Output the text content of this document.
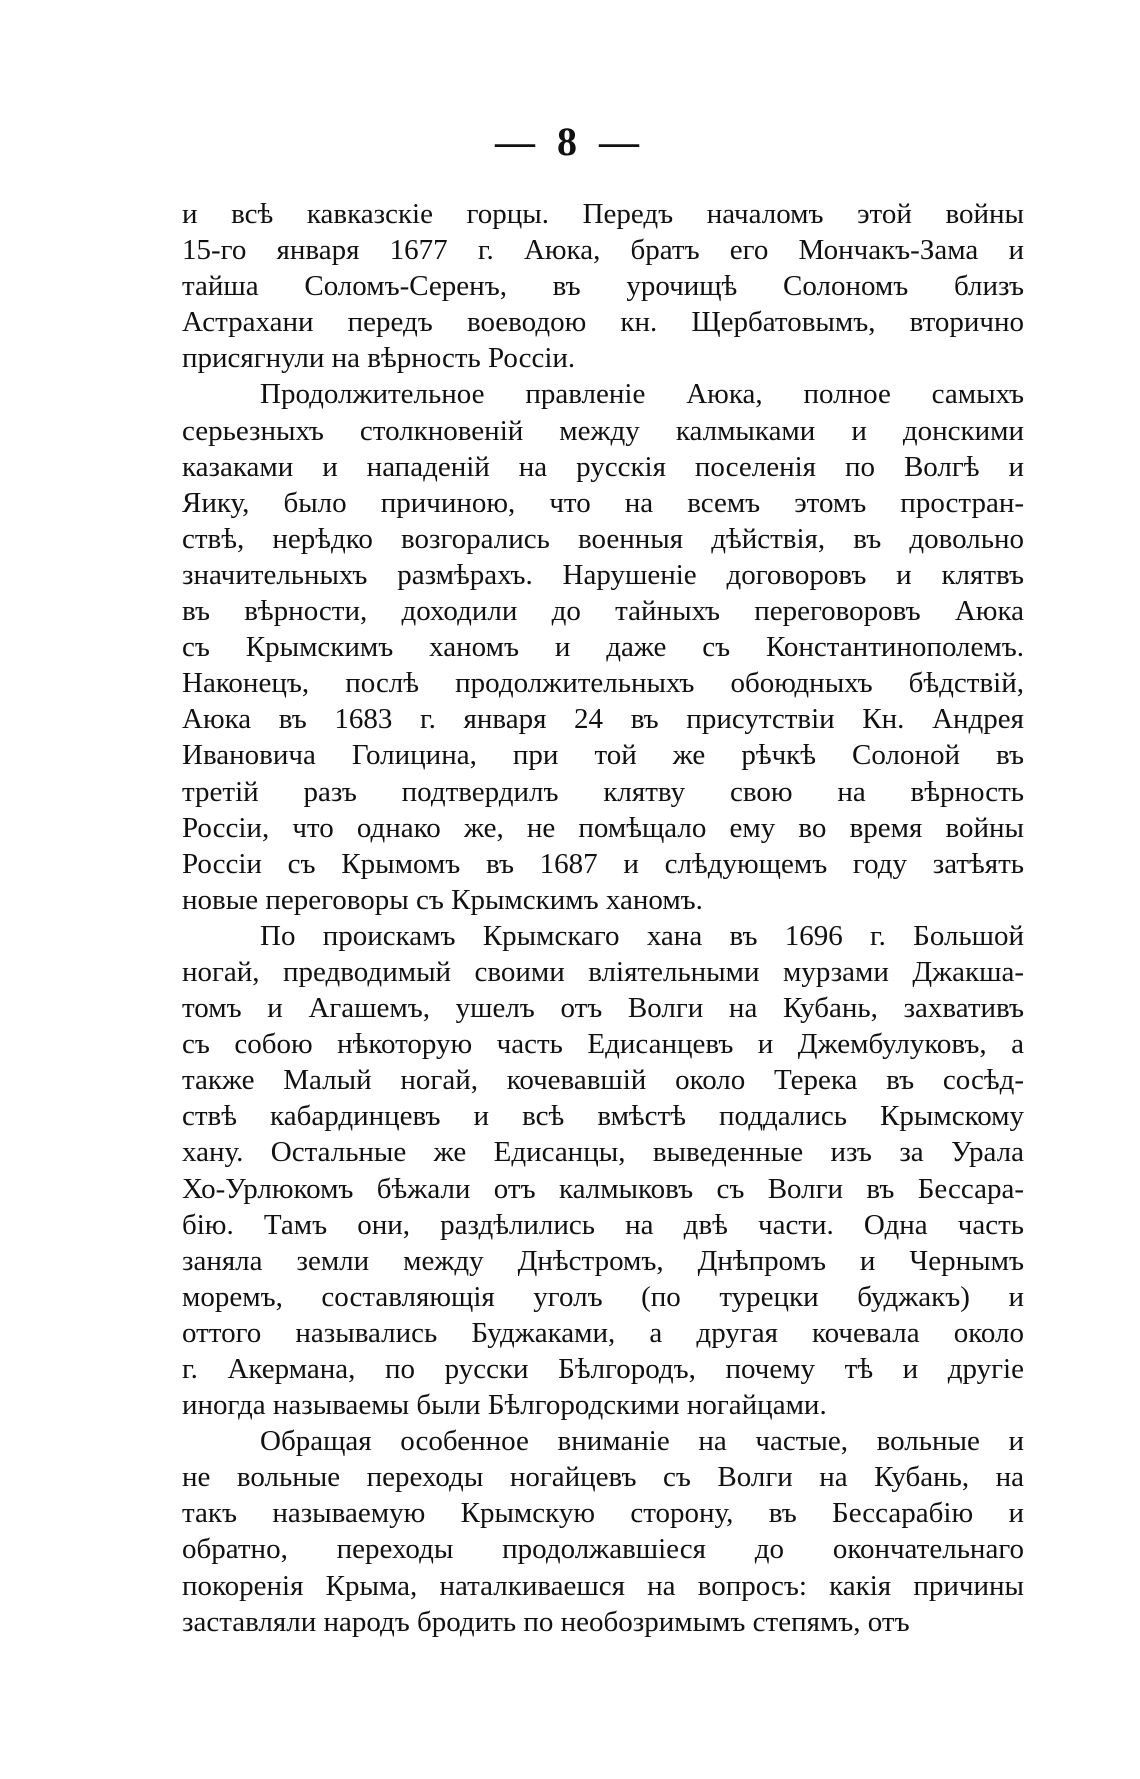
— 8 —
и всѣ кавказскіе горцы. Передъ началомъ этой войны
15-го января 1677 г. Аюка, братъ его Мончакъ-Зама и
тайша Соломъ-Серенъ, въ урочищѣ Солономъ близъ
Астрахани передъ воеводою кн. Щербатовымъ, вторично
присягнули на вѣрность Россіи.
Продолжительное правленіе Аюка, полное самыхъ
серьезныхъ столкновеній между калмыками и донскими
казаками и нападеній на русскія поселенія по Волгѣ и
Яику, было причиною, что на всемъ этомъ простран-
ствѣ, нерѣдко возгорались военныя дѣйствія, въ довольно
значительныхъ размѣрахъ. Нарушеніе договоровъ и клятвъ
въ вѣрности, доходили до тайныхъ переговоровъ Аюка
съ Крымскимъ ханомъ и даже съ Константинополемъ.
Наконецъ, послѣ продолжительныхъ обоюдныхъ бѣдствій,
Аюка въ 1683 г. января 24 въ присутствіи Кн. Андрея
Ивановича Голицина, при той же рѣчкѣ Солоной въ
третій разъ подтвердилъ клятву свою на вѣрность
Россіи, что однако же, не помѣщало ему во время войны
Россіи съ Крымомъ въ 1687 и слѣдующемъ году затѣять
новые переговоры съ Крымскимъ ханомъ.
По проискамъ Крымскаго хана въ 1696 г. Большой
ногай, предводимый своими вліятельными мурзами Джакша-
томъ и Агашемъ, ушелъ отъ Волги на Кубань, захвативъ
съ собою нѣкоторую часть Едисанцевъ и Джембулуковъ, а
также Малый ногай, кочевавшій около Терека въ сосѣд-
ствѣ кабардинцевъ и всѣ вмѣстѣ поддались Крымскому
хану. Остальные же Едисанцы, выведенные изъ за Урала
Хо-Урлюкомъ бѣжали отъ калмыковъ съ Волги въ Бессара-
бію. Тамъ они, раздѣлились на двѣ части. Одна часть
заняла земли между Днѣстромъ, Днѣпромъ и Чернымъ
моремъ, составляющія уголъ (по турецки буджакъ) и
оттого назывались Буджаками, а другая кочевала около
г. Акермана, по русски Бѣлгородъ, почему тѣ и другіе
иногда называемы были Бѣлгородскими ногайцами.
Обращая особенное вниманіе на частые, вольные и
не вольные переходы ногайцевъ съ Волги на Кубань, на
такъ называемую Крымскую сторону, въ Бессарабію и
обратно, переходы продолжавшіеся до окончательнаго
покоренія Крыма, наталкиваешся на вопросъ: какія причины
заставляли народъ бродить по необозримымъ степямъ, отъ
